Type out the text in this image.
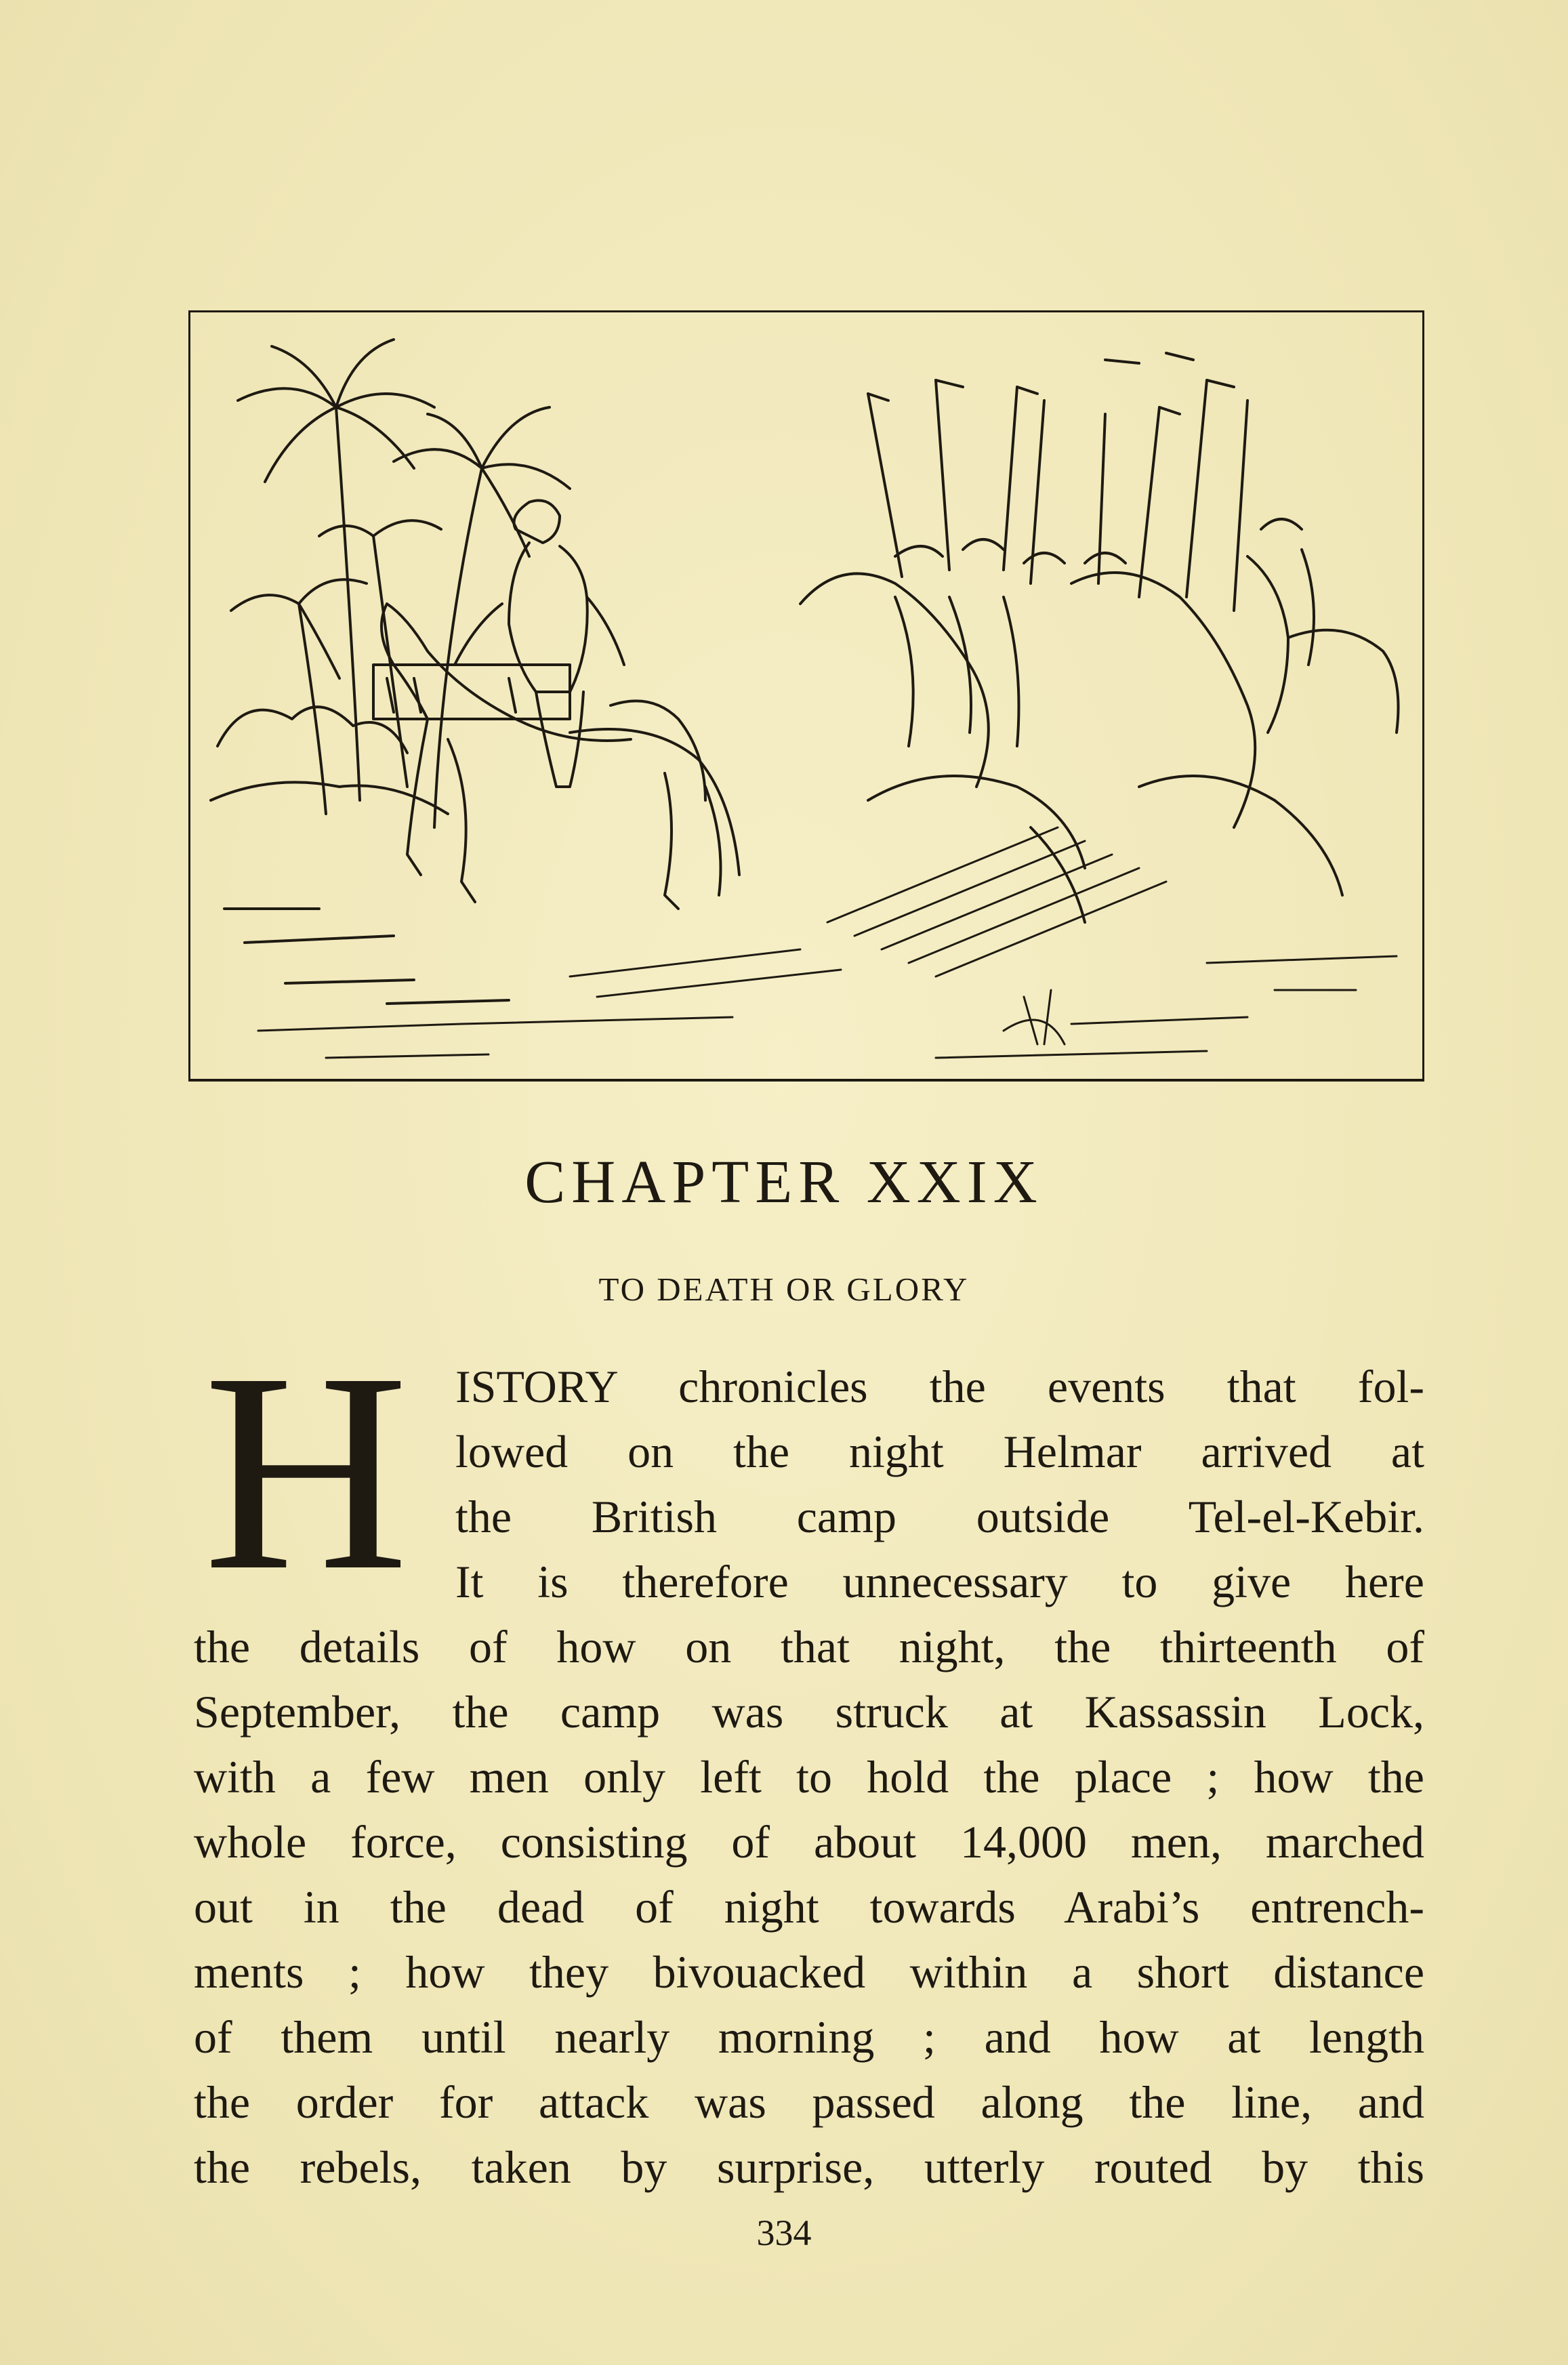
CHAPTER XXIX
TO DEATH OR GLORY
H ISTORY chronicles the events that fol-

lowed on the night Helmar arrived at

the British camp outside Tel-el-Kebir.

It is therefore unnecessary to give here

the details of how on that night, the thirteenth of

September, the camp was struck at Kassassin Lock,

with a few men only left to hold the place ; how the

whole force, consisting of about 14,000 men, marched

out in the dead of night towards Arabi’s entrench-

ments ; how they bivouacked within a short distance

of them until nearly morning ; and how at length

the order for attack was passed along the line, and

the rebels, taken by surprise, utterly routed by this

334
